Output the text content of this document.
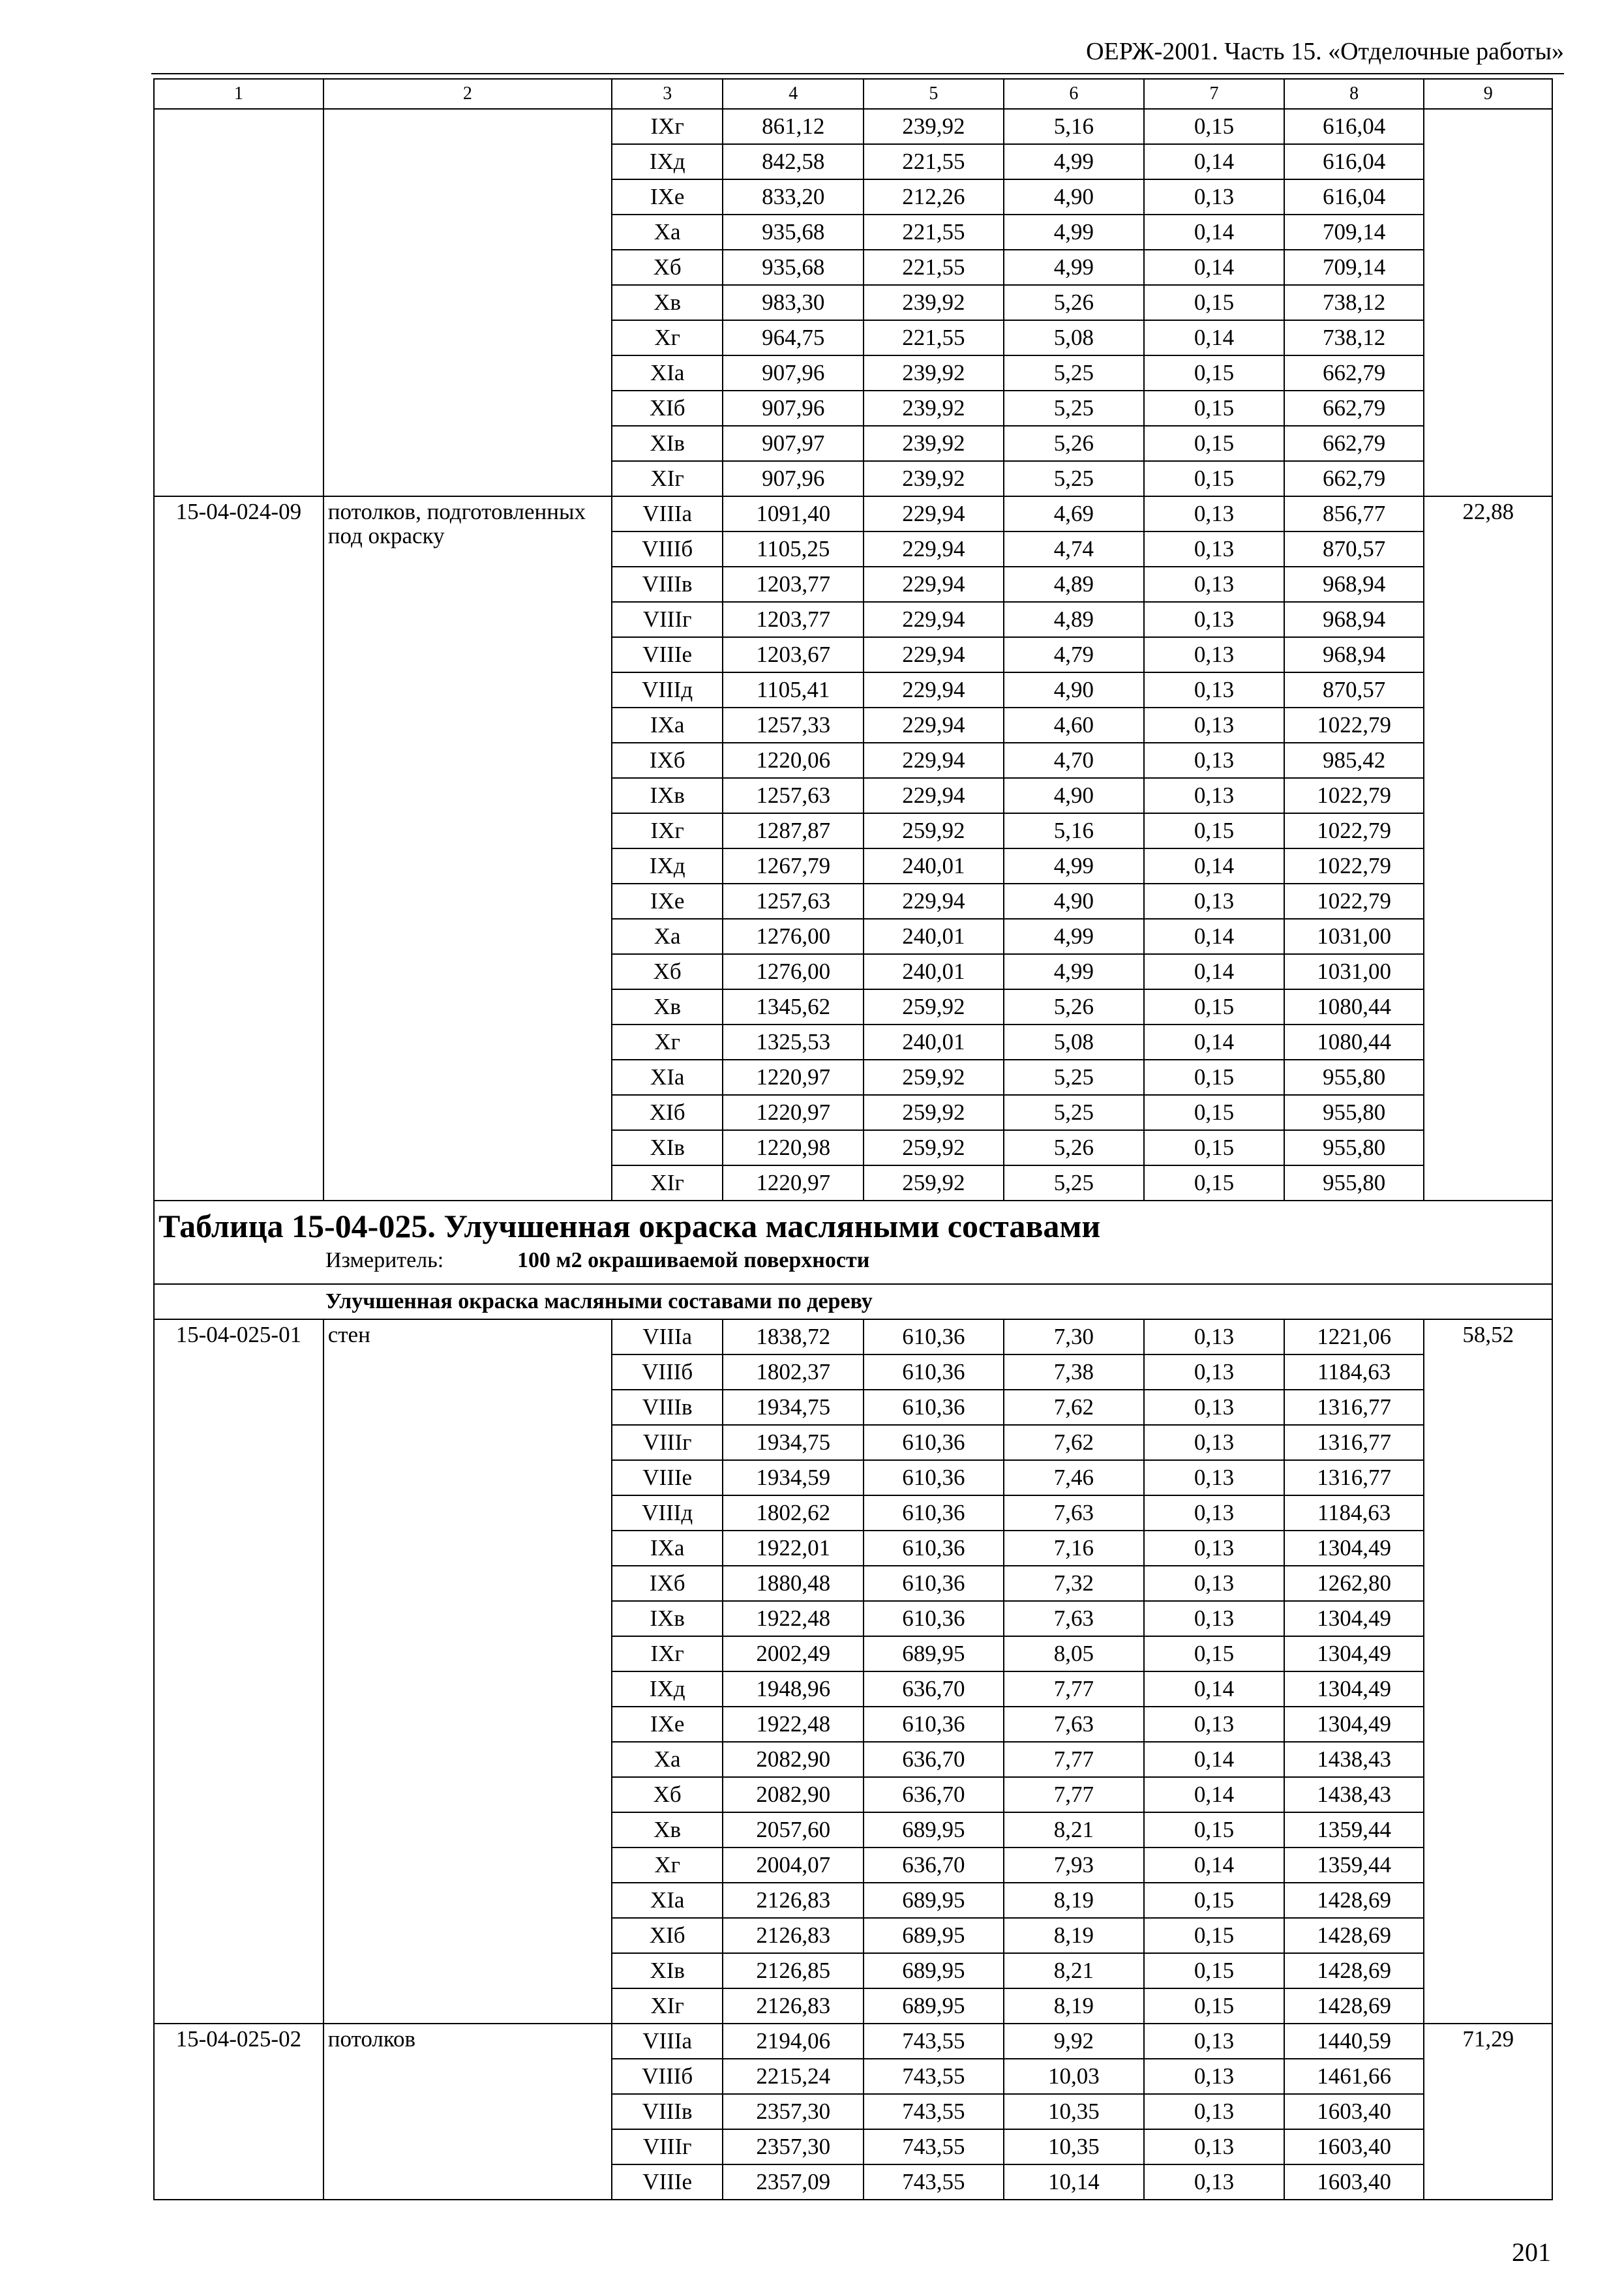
ОЕРЖ-2001. Часть 15. «Отделочные работы»
1	2	3	4	5	6	7	8	9
		IXг	861,12	239,92	5,16	0,15	616,04	
		IXд	842,58	221,55	4,99	0,14	616,04	
		IXе	833,20	212,26	4,90	0,13	616,04	
		Xа	935,68	221,55	4,99	0,14	709,14	
		Xб	935,68	221,55	4,99	0,14	709,14	
		Xв	983,30	239,92	5,26	0,15	738,12	
		Xг	964,75	221,55	5,08	0,14	738,12	
		XIа	907,96	239,92	5,25	0,15	662,79	
		XIб	907,96	239,92	5,25	0,15	662,79	
		XIв	907,97	239,92	5,26	0,15	662,79	
		XIг	907,96	239,92	5,25	0,15	662,79	
15-04-024-09	потолков, подготовленных под окраску	VIIIа	1091,40	229,94	4,69	0,13	856,77	22,88
		VIIIб	1105,25	229,94	4,74	0,13	870,57	
		VIIIв	1203,77	229,94	4,89	0,13	968,94	
		VIIIг	1203,77	229,94	4,89	0,13	968,94	
		VIIIе	1203,67	229,94	4,79	0,13	968,94	
		VIIIд	1105,41	229,94	4,90	0,13	870,57	
		IXа	1257,33	229,94	4,60	0,13	1022,79	
		IXб	1220,06	229,94	4,70	0,13	985,42	
		IXв	1257,63	229,94	4,90	0,13	1022,79	
		IXг	1287,87	259,92	5,16	0,15	1022,79	
		IXд	1267,79	240,01	4,99	0,14	1022,79	
		IXе	1257,63	229,94	4,90	0,13	1022,79	
		Xа	1276,00	240,01	4,99	0,14	1031,00	
		Xб	1276,00	240,01	4,99	0,14	1031,00	
		Xв	1345,62	259,92	5,26	0,15	1080,44	
		Xг	1325,53	240,01	5,08	0,14	1080,44	
		XIа	1220,97	259,92	5,25	0,15	955,80	
		XIб	1220,97	259,92	5,25	0,15	955,80	
		XIв	1220,98	259,92	5,26	0,15	955,80	
		XIг	1220,97	259,92	5,25	0,15	955,80	

Таблица 15-04-025. Улучшенная окраска масляными составами
Измеритель: 100 м2 окрашиваемой поверхности								

Улучшенная окраска масляными составами по дереву								
15-04-025-01	стен	VIIIа	1838,72	610,36	7,30	0,13	1221,06	58,52
		VIIIб	1802,37	610,36	7,38	0,13	1184,63	
		VIIIв	1934,75	610,36	7,62	0,13	1316,77	
		VIIIг	1934,75	610,36	7,62	0,13	1316,77	
		VIIIе	1934,59	610,36	7,46	0,13	1316,77	
		VIIIд	1802,62	610,36	7,63	0,13	1184,63	
		IXа	1922,01	610,36	7,16	0,13	1304,49	
		IXб	1880,48	610,36	7,32	0,13	1262,80	
		IXв	1922,48	610,36	7,63	0,13	1304,49	
		IXг	2002,49	689,95	8,05	0,15	1304,49	
		IXд	1948,96	636,70	7,77	0,14	1304,49	
		IXе	1922,48	610,36	7,63	0,13	1304,49	
		Xа	2082,90	636,70	7,77	0,14	1438,43	
		Xб	2082,90	636,70	7,77	0,14	1438,43	
		Xв	2057,60	689,95	8,21	0,15	1359,44	
		Xг	2004,07	636,70	7,93	0,14	1359,44	
		XIа	2126,83	689,95	8,19	0,15	1428,69	
		XIб	2126,83	689,95	8,19	0,15	1428,69	
		XIв	2126,85	689,95	8,21	0,15	1428,69	
		XIг	2126,83	689,95	8,19	0,15	1428,69	
15-04-025-02	потолков	VIIIа	2194,06	743,55	9,92	0,13	1440,59	71,29
		VIIIб	2215,24	743,55	10,03	0,13	1461,66	
		VIIIв	2357,30	743,55	10,35	0,13	1603,40	
		VIIIг	2357,30	743,55	10,35	0,13	1603,40	
		VIIIе	2357,09	743,55	10,14	0,13	1603,40	
201
